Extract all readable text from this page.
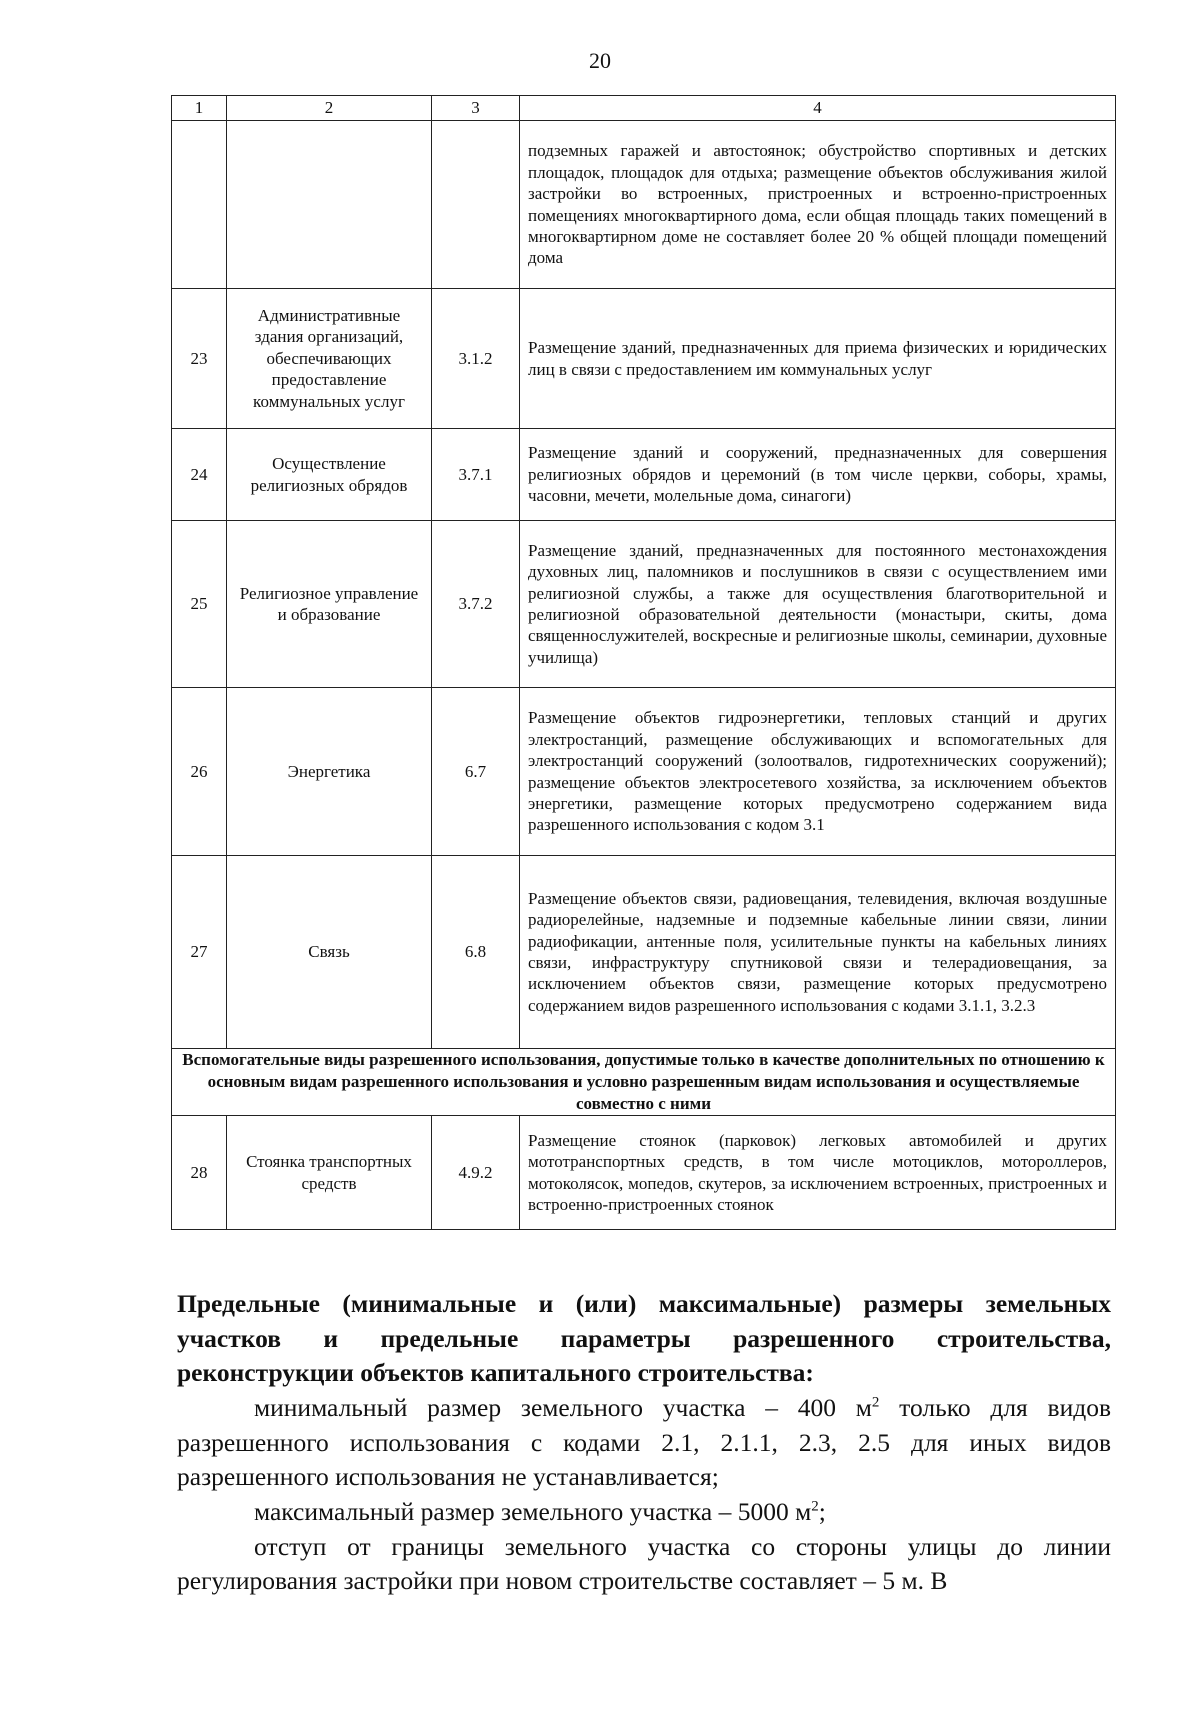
20
1	2	3	4
			подземных гаражей и автостоянок; обустройство спортивных и детских площадок, площадок для отдыха; размещение объектов обслуживания жилой застройки во встроенных, пристроенных и встроенно-пристроенных помещениях многоквартирного дома, если общая площадь таких помещений в многоквартирном доме не составляет более 20 % общей площади помещений дома
23	Административные здания организаций, обеспечивающих предоставление коммунальных услуг	3.1.2	Размещение зданий, предназначенных для приема физических и юридических лиц в связи с предоставлением им коммунальных услуг
24	Осуществление религиозных обрядов	3.7.1	Размещение зданий и сооружений, предназначенных для совершения религиозных обрядов и церемоний (в том числе церкви, соборы, храмы, часовни, мечети, молельные дома, синагоги)
25	Религиозное управление и образование	3.7.2	Размещение зданий, предназначенных для постоянного местонахождения духовных лиц, паломников и послушников в связи с осуществлением ими религиозной службы, а также для осуществления благотворительной и религиозной образовательной деятельности (монастыри, скиты, дома священнослужителей, воскресные и религиозные школы, семинарии, духовные училища)
26	Энергетика	6.7	Размещение объектов гидроэнергетики, тепловых станций и других электростанций, размещение обслуживающих и вспомогательных для электростанций сооружений (золоотвалов, гидротехнических сооружений); размещение объектов электросетевого хозяйства, за исключением объектов энергетики, размещение которых предусмотрено содержанием вида разрешенного использования с кодом 3.1
27	Связь	6.8	Размещение объектов связи, радиовещания, телевидения, включая воздушные радиорелейные, надземные и подземные кабельные линии связи, линии радиофикации, антенные поля, усилительные пункты на кабельных линиях связи, инфраструктуру спутниковой связи и телерадиовещания, за исключением объектов связи, размещение которых предусмотрено содержанием видов разрешенного использования с кодами 3.1.1, 3.2.3
Вспомогательные виды разрешенного использования, допустимые только в качестве дополнительных по отношению к основным видам разрешенного использования и условно разрешенным видам использования и осуществляемые совместно с ними			
28	Стоянка транспортных средств	4.9.2	Размещение стоянок (парковок) легковых автомобилей и других мототранспортных средств, в том числе мотоциклов, мотороллеров, мотоколясок, мопедов, скутеров, за исключением встроенных, пристроенных и встроенно-пристроенных стоянок

Предельные (минимальные и (или) максимальные) размеры земельных участков и предельные параметры разрешенного строительства, реконструкции объектов капитального строительства:

минимальный размер земельного участка – 400 $м^2$ только для видов разрешенного использования с кодами 2.1, 2.1.1, 2.3, 2.5 для иных видов разрешенного использования не устанавливается;

максимальный размер земельного участка – 5000 $м^2$;

отступ от границы земельного участка со стороны улицы до линии регулирования застройки при новом строительстве составляет – 5 м. В
